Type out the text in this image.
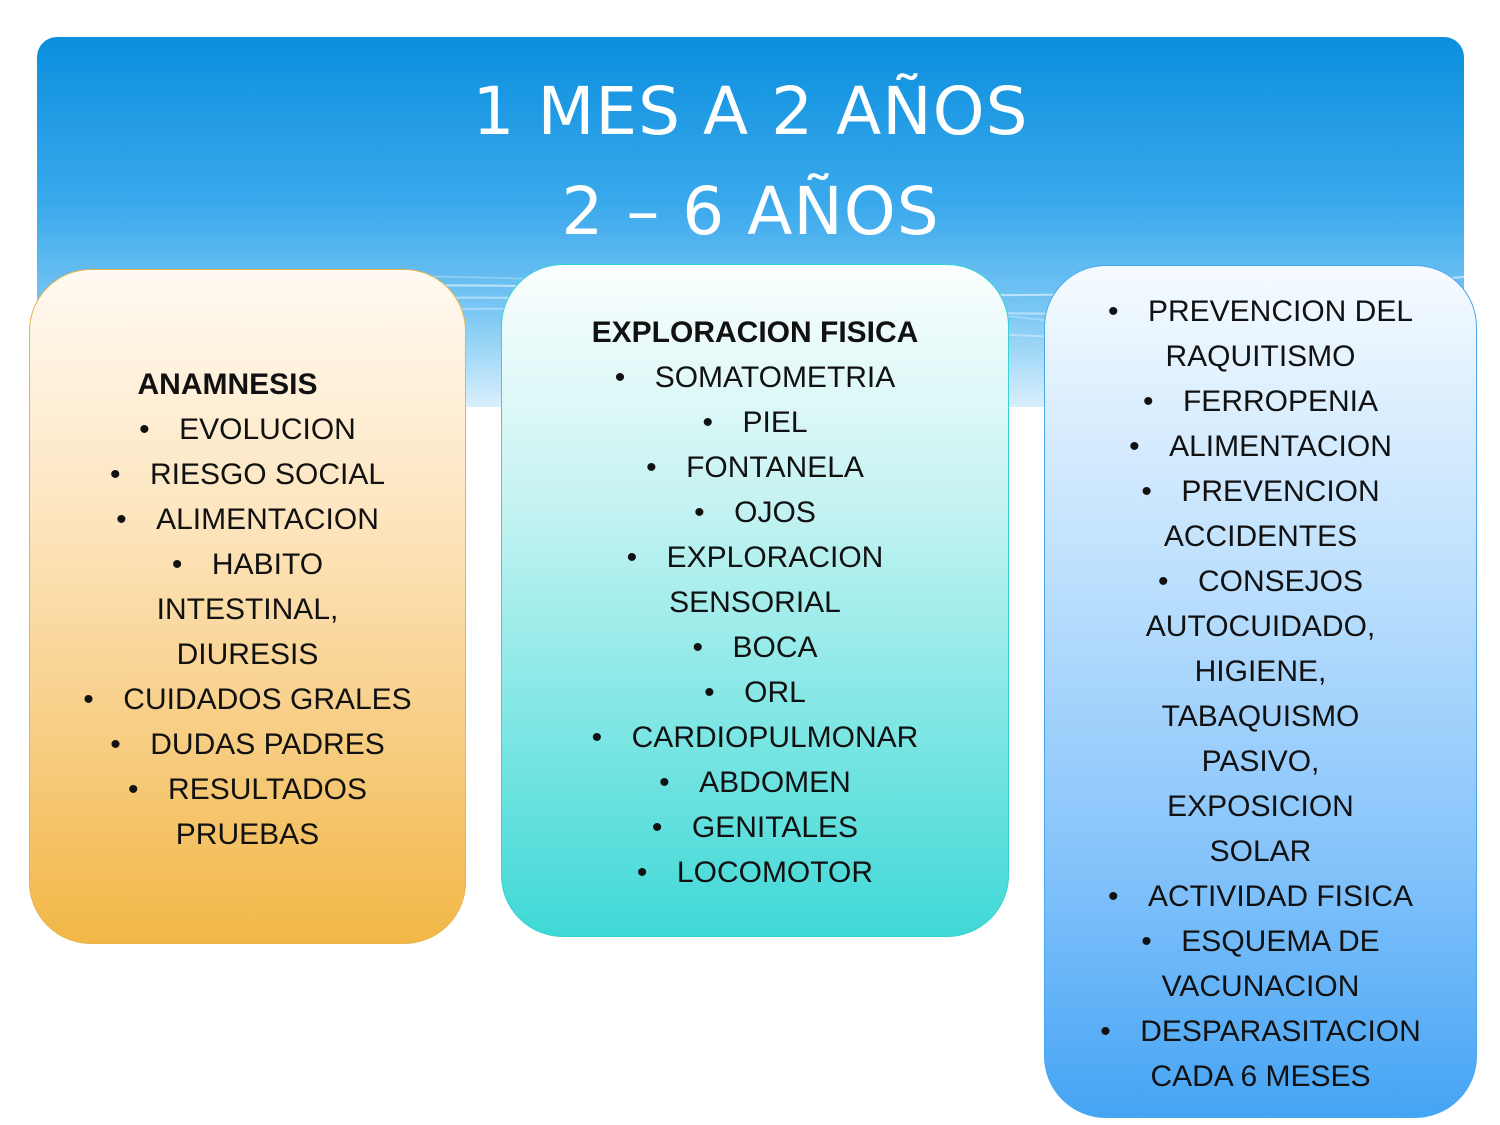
1 MES A 2 AÑOS
2 – 6 AÑOS
ANAMNESIS
• EVOLUCION
• RIESGO SOCIAL
• ALIMENTACION
• HABITO
INTESTINAL,
DIURESIS
• CUIDADOS GRALES
• DUDAS PADRES
• RESULTADOS
PRUEBAS
EXPLORACION FISICA
• SOMATOMETRIA
• PIEL
• FONTANELA
• OJOS
• EXPLORACION
SENSORIAL
• BOCA
• ORL
• CARDIOPULMONAR
• ABDOMEN
• GENITALES
• LOCOMOTOR
• PREVENCION DEL
RAQUITISMO
• FERROPENIA
• ALIMENTACION
• PREVENCION
ACCIDENTES
• CONSEJOS
AUTOCUIDADO,
HIGIENE,
TABAQUISMO
PASIVO,
EXPOSICION
SOLAR
• ACTIVIDAD FISICA
• ESQUEMA DE
VACUNACION
• DESPARASITACION
CADA 6 MESES
